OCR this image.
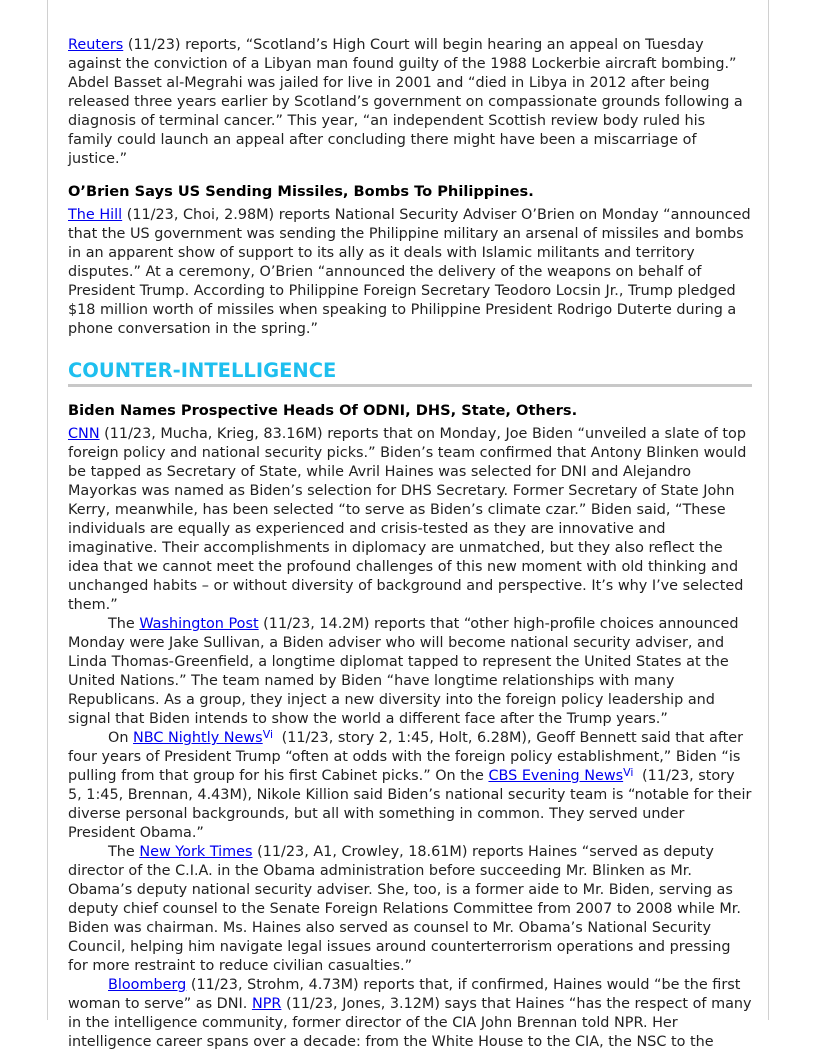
Reuters (11/23) reports, “Scotland’s High Court will begin hearing an appeal on Tuesday against the conviction of a Libyan man found guilty of the 1988 Lockerbie aircraft bombing.” Abdel Basset al-Megrahi was jailed for live in 2001 and “died in Libya in 2012 after being released three years earlier by Scotland’s government on compassionate grounds following a diagnosis of terminal cancer.” This year, “an independent Scottish review body ruled his family could launch an appeal after concluding there might have been a miscarriage of justice.”

O’Brien Says US Sending Missiles, Bombs To Philippines.

The Hill (11/23, Choi, 2.98M) reports National Security Adviser O’Brien on Monday “announced that the US government was sending the Philippine military an arsenal of missiles and bombs in an apparent show of support to its ally as it deals with Islamic militants and territory disputes.” At a ceremony, O’Brien “announced the delivery of the weapons on behalf of President Trump. According to Philippine Foreign Secretary Teodoro Locsin Jr., Trump pledged $18 million worth of missiles when speaking to Philippine President Rodrigo Duterte during a phone conversation in the spring.”

COUNTER-INTELLIGENCE
Biden Names Prospective Heads Of ODNI, DHS, State, Others.

CNN (11/23, Mucha, Krieg, 83.16M) reports that on Monday, Joe Biden “unveiled a slate of top foreign policy and national security picks.” Biden’s team confirmed that Antony Blinken would be tapped as Secretary of State, while Avril Haines was selected for DNI and Alejandro Mayorkas was named as Biden’s selection for DHS Secretary. Former Secretary of State John Kerry, meanwhile, has been selected “to serve as Biden’s climate czar.” Biden said, “These individuals are equally as experienced and crisis-tested as they are innovative and imaginative. Their accomplishments in diplomacy are unmatched, but they also reflect the idea that we cannot meet the profound challenges of this new moment with old thinking and unchanged habits – or without diversity of background and perspective. It’s why I’ve selected them.”

The Washington Post (11/23, 14.2M) reports that “other high-profile choices announced Monday were Jake Sullivan, a Biden adviser who will become national security adviser, and Linda Thomas-Greenfield, a longtime diplomat tapped to represent the United States at the United Nations.” The team named by Biden “have longtime relationships with many Republicans. As a group, they inject a new diversity into the foreign policy leadership and signal that Biden intends to show the world a different face after the Trump years.”

On NBC Nightly News$^{Vi}$ (11/23, story 2, 1:45, Holt, 6.28M), Geoff Bennett said that after four years of President Trump “often at odds with the foreign policy establishment,” Biden “is pulling from that group for his first Cabinet picks.” On the CBS Evening News$^{Vi}$ (11/23, story 5, 1:45, Brennan, 4.43M), Nikole Killion said Biden’s national security team is “notable for their diverse personal backgrounds, but all with something in common. They served under President Obama.”

The New York Times (11/23, A1, Crowley, 18.61M) reports Haines “served as deputy director of the C.I.A. in the Obama administration before succeeding Mr. Blinken as Mr. Obama’s deputy national security adviser. She, too, is a former aide to Mr. Biden, serving as deputy chief counsel to the Senate Foreign Relations Committee from 2007 to 2008 while Mr. Biden was chairman. Ms. Haines also served as counsel to Mr. Obama’s National Security Council, helping him navigate legal issues around counterterrorism operations and pressing for more restraint to reduce civilian casualties.”

Bloomberg (11/23, Strohm, 4.73M) reports that, if confirmed, Haines would “be the first woman to serve” as DNI. NPR (11/23, Jones, 3.12M) says that Haines “has the respect of many in the intelligence community, former director of the CIA John Brennan told NPR. Her intelligence career spans over a decade: from the White House to the CIA, the NSC to the
